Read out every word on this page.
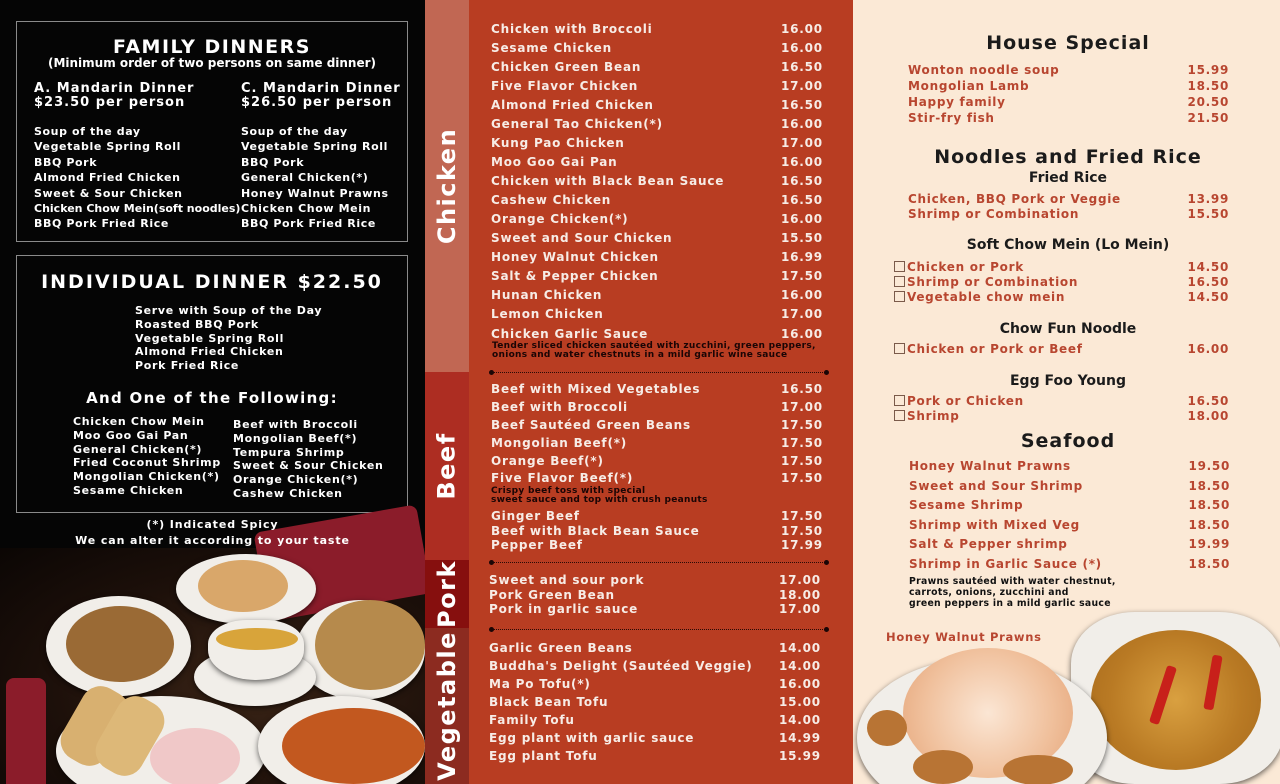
FAMILY DINNERS
(Minimum order of two persons on same dinner)
A. Mandarin Dinner
$23.50 per person
Soup of the day
Vegetable Spring Roll
BBQ Pork
Almond Fried Chicken
Sweet & Sour Chicken
Chicken Chow Mein(soft noodles)
BBQ Pork Fried Rice
C. Mandarin Dinner
$26.50 per person
Soup of the day
Vegetable Spring Roll
BBQ Pork
General Chicken(*)
Honey Walnut Prawns
Chicken Chow Mein
BBQ Pork Fried Rice
INDIVIDUAL DINNER $22.50
Serve with Soup of the Day
Roasted BBQ Pork
Vegetable Spring Roll
Almond Fried Chicken
Pork Fried Rice
And One of the Following:
Chicken Chow Mein
Moo Goo Gai Pan
General Chicken(*)
Fried Coconut Shrimp
Mongolian Chicken(*)
Sesame Chicken
Beef with Broccoli
Mongolian Beef(*)
Tempura Shrimp
Sweet & Sour Chicken
Orange Chicken(*)
Cashew Chicken
(*) Indicated Spicy
We can alter it according to your taste
Chicken
Beef
Pork
Vegetable
Chicken with Broccoli	16.00
Sesame Chicken	16.00
Chicken Green Bean	16.50
Five Flavor Chicken	17.00
Almond Fried Chicken	16.50
General Tao Chicken(*)	16.00
Kung Pao Chicken	17.00
Moo Goo Gai Pan	16.00
Chicken with Black Bean Sauce	16.50
Cashew Chicken	16.50
Orange Chicken(*)	16.00
Sweet and Sour Chicken	15.50
Honey Walnut Chicken	16.99
Salt & Pepper Chicken	17.50
Hunan Chicken	16.00
Lemon Chicken	17.00
Chicken Garlic Sauce	16.00
Tender sliced chicken sautéed with zucchini, green peppers,
onions and water chestnuts in a mild garlic wine sauce
Beef with Mixed Vegetables	16.50
Beef with Broccoli	17.00
Beef Sautéed Green Beans	17.50
Mongolian Beef(*)	17.50
Orange Beef(*)	17.50
Five Flavor Beef(*)	17.50
Crispy beef toss with special
sweet sauce and top with crush peanuts
Ginger Beef	17.50
Beef with Black Bean Sauce	17.50
Pepper Beef	17.99
Sweet and sour pork	17.00
Pork Green Bean	18.00
Pork in garlic sauce	17.00
Garlic Green Beans	14.00
Buddha's Delight (Sautéed Veggie) 14.00
Ma Po Tofu(*)	16.00
Black Bean Tofu	15.00
Family Tofu	14.00
Egg plant with garlic sauce	14.99
Egg plant Tofu	15.99
House Special
Wonton noodle soup	15.99
Mongolian Lamb	18.50
Happy family	20.50
Stir-fry fish	21.50
Noodles and Fried Rice
Fried Rice
Chicken, BBQ Pork or Veggie	13.99
Shrimp or Combination	15.50
Soft Chow Mein (Lo Mein)
Chicken or Pork	14.50
Shrimp or Combination	16.50
Vegetable chow mein	14.50
Chow Fun Noodle
Chicken or Pork or Beef	16.00
Egg Foo Young
Pork or Chicken	16.50
Shrimp	18.00
Seafood
Honey Walnut Prawns	19.50
Sweet and Sour Shrimp	18.50
Sesame Shrimp	18.50
Shrimp with Mixed Veg	18.50
Salt & Pepper shrimp	19.99
Shrimp in Garlic Sauce (*)	18.50
Prawns sautéed with water chestnut,
carrots, onions, zucchini and
green peppers in a mild garlic sauce
Honey Walnut Prawns
